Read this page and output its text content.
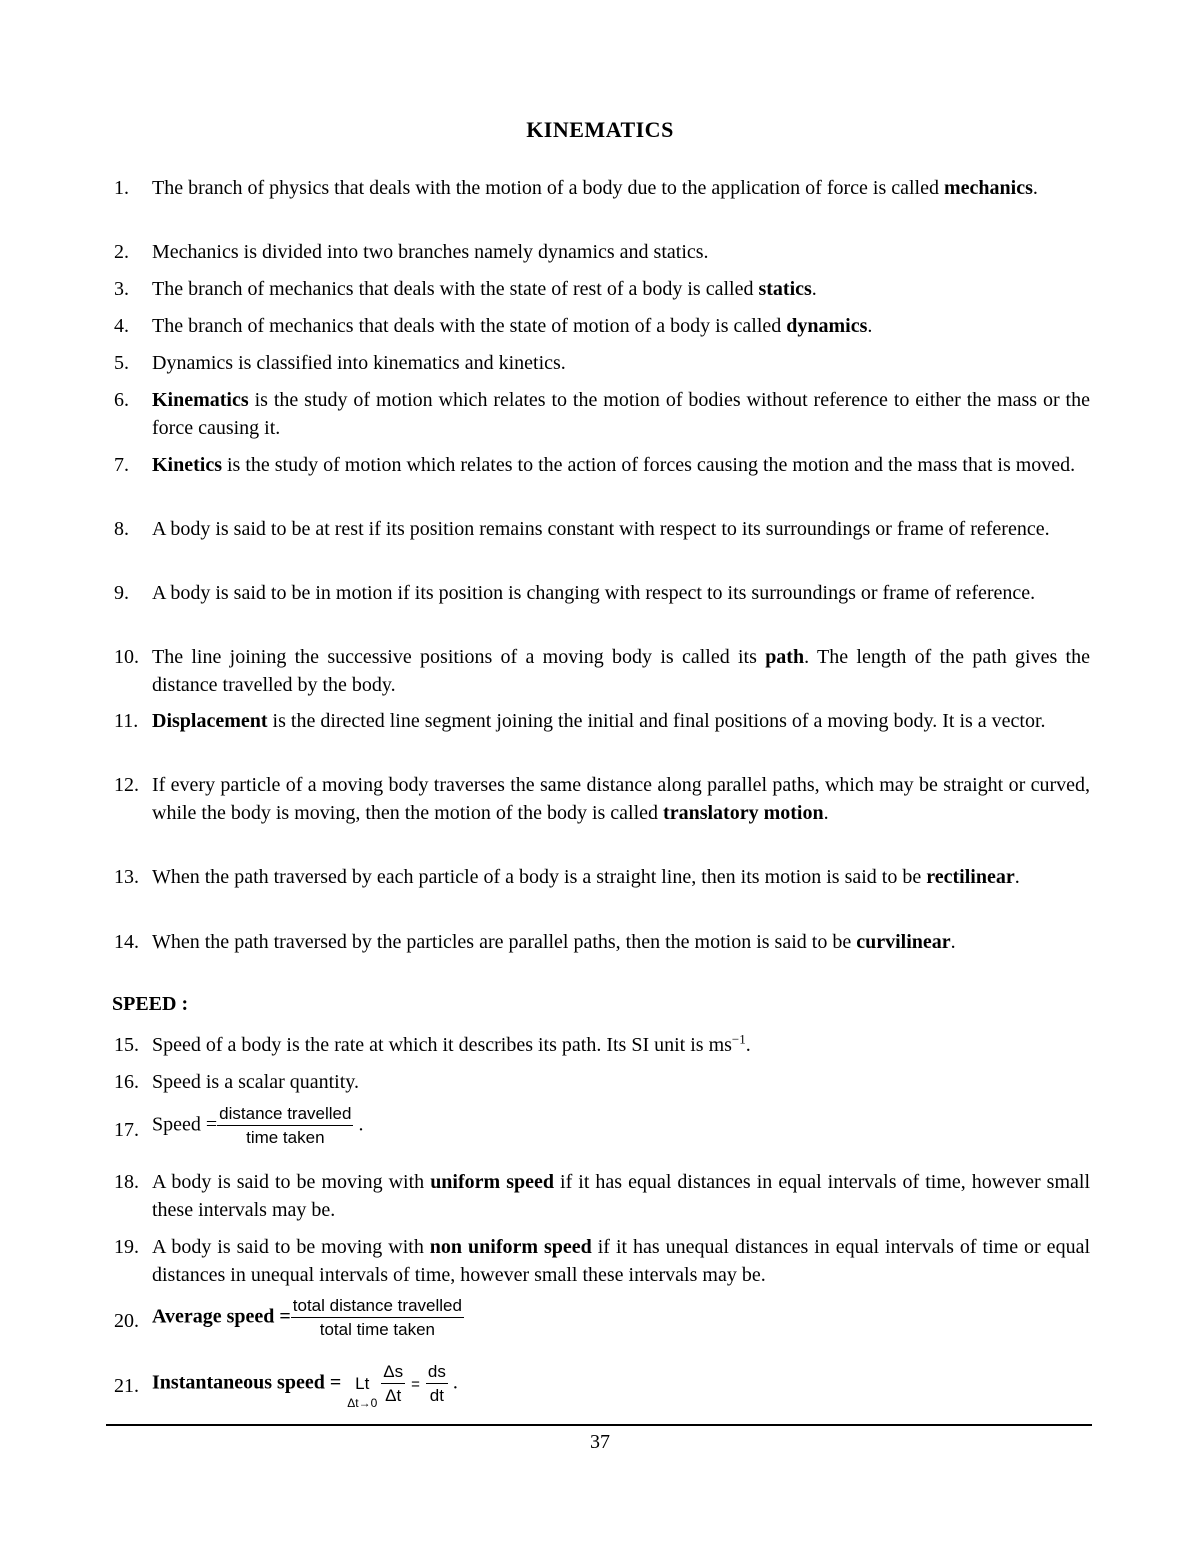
KINEMATICS
1.	The branch of physics that deals with the motion of a body due to the application of force is called mechanics.
2.	Mechanics is divided into two branches namely dynamics and statics.
3.	The branch of mechanics that deals with the state of rest of a body is called statics.
4.	The branch of mechanics that deals with the state of motion of a body is called dynamics.
5.	Dynamics is classified into kinematics and kinetics.
6.	Kinematics is the study of motion which relates to the motion of bodies without reference to either the mass or the force causing it.
7.	Kinetics is the study of motion which relates to the action of forces causing the motion and the mass that is moved.
8.	A body is said to be at rest if its position remains constant with respect to its surroundings or frame of reference.
9.	A body is said to be in motion if its position is changing with respect to its surroundings or frame of reference.
10. The line joining the successive positions of a moving body is called its path. The length of the path gives the distance travelled by the body.
11. Displacement is the directed line segment joining the initial and final positions of a moving body. It is a vector.
12. If every particle of a moving body traverses the same distance along parallel paths, which may be straight or curved, while the body is moving, then the motion of the body is called translatory motion.
13. When the path traversed by each particle of a body is a straight line, then its motion is said to be rectilinear.
14. When the path traversed by the particles are parallel paths, then the motion is said to be curvilinear.
SPEED :
15. Speed of a body is the rate at which it describes its path. Its SI unit is $ms^{-1}$.
16. Speed is a scalar quantity.
17. Speed = $\frac{\text{distance travelled}}{\text{time taken}}$ .
18. A body is said to be moving with uniform speed if it has equal distances in equal intervals of time, however small these intervals may be.
19. A body is said to be moving with non uniform speed if it has unequal distances in equal intervals of time or equal distances in unequal intervals of time, however small these intervals may be.
20. Average speed = $\frac{\text{total distance travelled}}{\text{total time taken}}$
21. Instantaneous speed = Lt
$\Delta t\to 0 \frac{\Delta s}{\Delta t} = \frac{ds}{dt}$ .
37
